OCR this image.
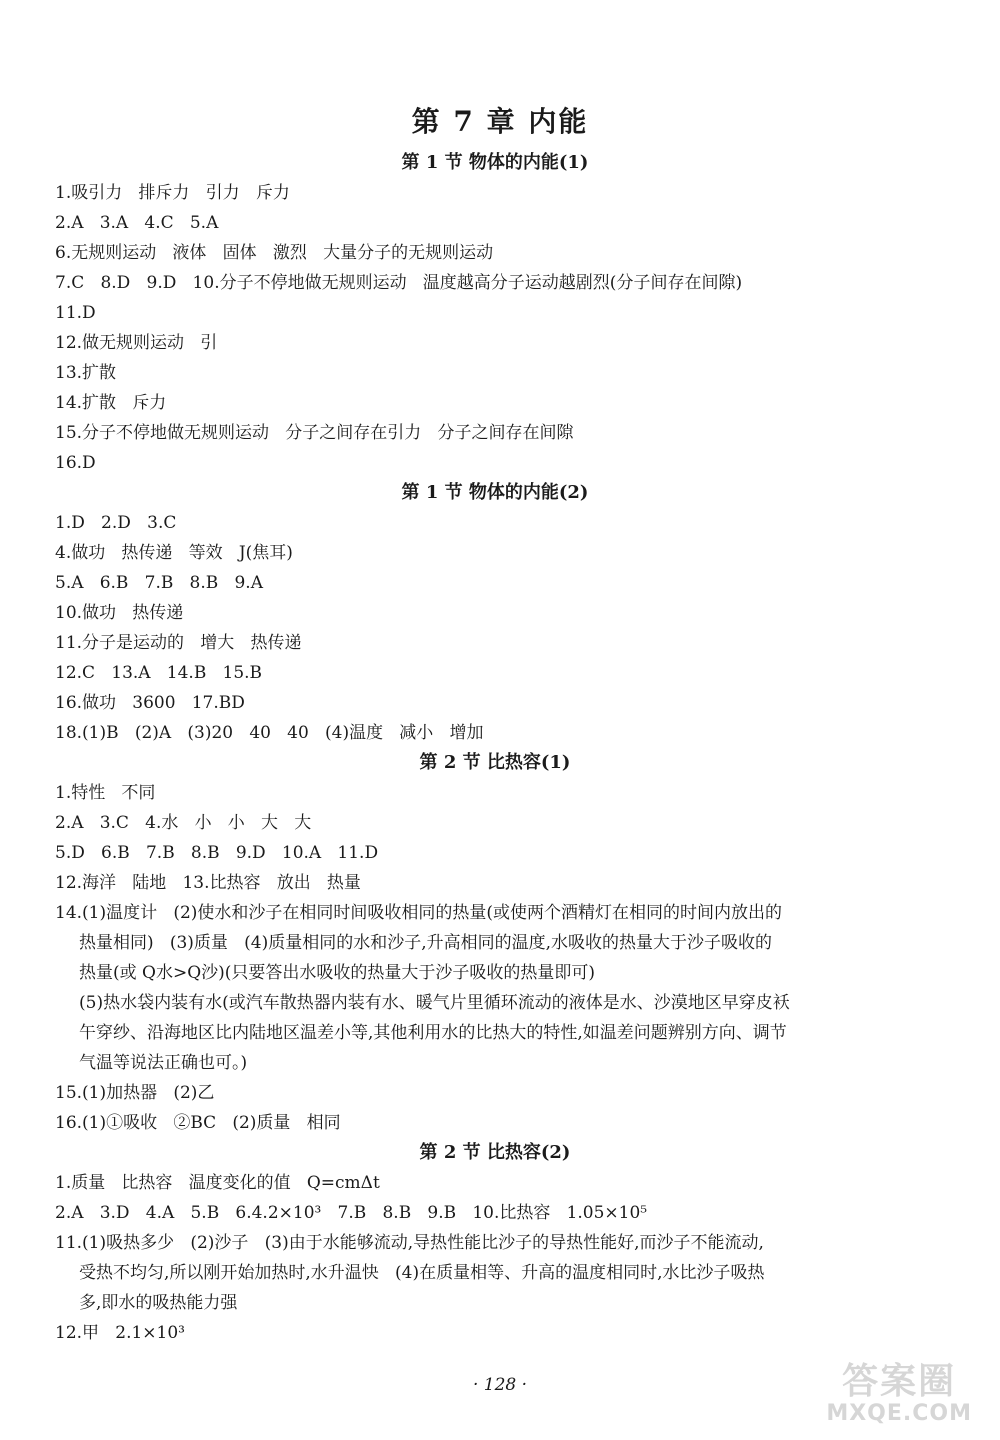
第 7 章 内能
第 1 节 物体的内能(1)
1.吸引力   排斥力   引力   斥力
2.A   3.A   4.C   5.A
6.无规则运动   液体   固体   激烈   大量分子的无规则运动
7.C   8.D   9.D   10.分子不停地做无规则运动   温度越高分子运动越剧烈(分子间存在间隙)
11.D
12.做无规则运动   引
13.扩散
14.扩散   斥力
15.分子不停地做无规则运动   分子之间存在引力   分子之间存在间隙
16.D
第 1 节 物体的内能(2)
1.D   2.D   3.C
4.做功   热传递   等效   J(焦耳)
5.A   6.B   7.B   8.B   9.A
10.做功   热传递
11.分子是运动的   增大   热传递
12.C   13.A   14.B   15.B
16.做功   3600   17.BD
18.(1)B   (2)A   (3)20   40   40   (4)温度   减小   增加
第 2 节 比热容(1)
1.特性   不同
2.A   3.C   4.水   小   小   大   大
5.D   6.B   7.B   8.B   9.D   10.A   11.D
12.海洋   陆地   13.比热容   放出   热量
14.(1)温度计   (2)使水和沙子在相同时间吸收相同的热量(或使两个酒精灯在相同的时间内放出的
热量相同)   (3)质量   (4)质量相同的水和沙子,升高相同的温度,水吸收的热量大于沙子吸收的
热量(或 Q水>Q沙)(只要答出水吸收的热量大于沙子吸收的热量即可)
(5)热水袋内装有水(或汽车散热器内装有水、暖气片里循环流动的液体是水、沙漠地区早穿皮袄
午穿纱、沿海地区比内陆地区温差小等,其他利用水的比热大的特性,如温差问题辨别方向、调节
气温等说法正确也可。)
15.(1)加热器   (2)乙
16.(1)①吸收   ②BC   (2)质量   相同
第 2 节 比热容(2)
1.质量   比热容   温度变化的值   Q=cmΔt
2.A   3.D   4.A   5.B   6.4.2×10³   7.B   8.B   9.B   10.比热容   1.05×10⁵
11.(1)吸热多少   (2)沙子   (3)由于水能够流动,导热性能比沙子的导热性能好,而沙子不能流动,
受热不均匀,所以刚开始加热时,水升温快   (4)在质量相等、升高的温度相同时,水比沙子吸热
多,即水的吸热能力强
12.甲   2.1×10³
· 128 ·	答案圈
MXQE.COM
